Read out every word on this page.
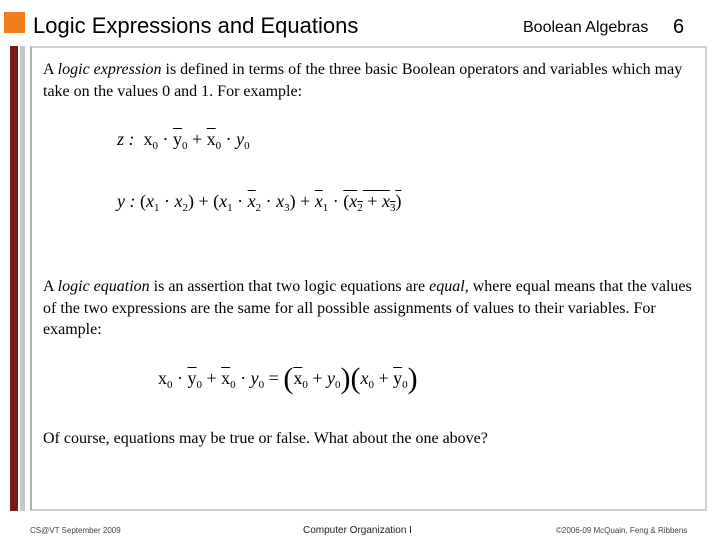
Logic Expressions and Equations	Boolean Algebras 6
A logic expression is defined in terms of the three basic Boolean operators and variables which may take on the values 0 and 1. For example:
z :  $x_0 \cdot \overline{y}_0 + \overline{x}_0 \cdot y_0$
y : $(x_1 \cdot x_2) + (x_1 \cdot \overline{x}_2 \cdot x_3) + \overline{x}_1 \cdot (x_2 + x_3)$
A logic equation is an assertion that two logic equations are equal, where equal means that the values of the two expressions are the same for all possible assignments of values to their variables. For example:
$x_0 \cdot \overline{y}_0 + \overline{x}_0 \cdot y_0 = (\overline{x}_0 + y_0)(x_0 + \overline{y}_0)$
Of course, equations may be true or false. What about the one above?
CS@VT September 2009	Computer Organization I	©2006-09 McQuain, Feng & Ribbens
